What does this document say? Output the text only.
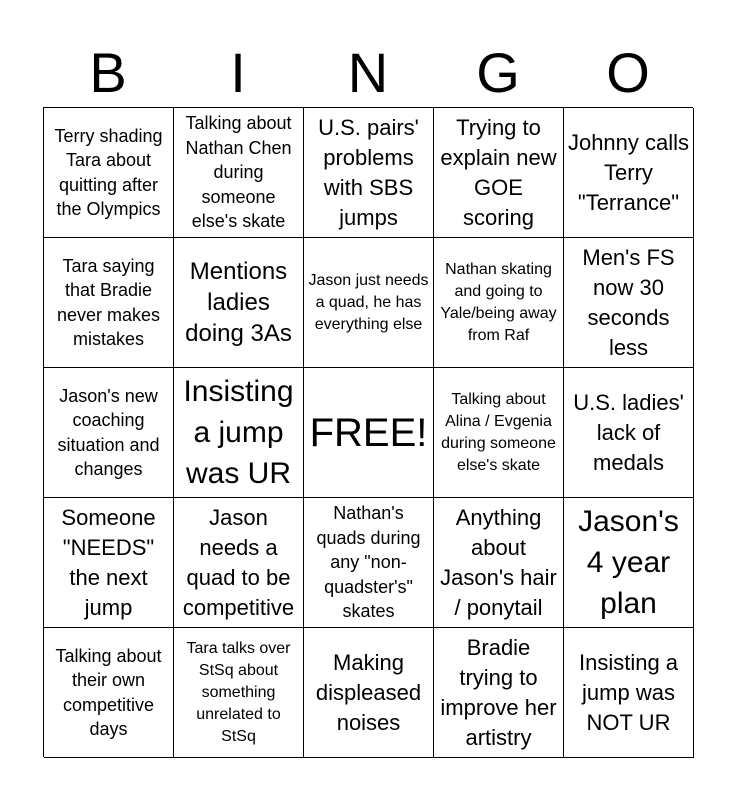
B	I	N	G	O
Terry shading Tara about quitting after the Olympics
Talking about Nathan Chen during someone else's skate
U.S. pairs' problems with SBS jumps
Trying to explain new GOE scoring
Johnny calls Terry "Terrance"
Tara saying that Bradie never makes mistakes
Mentions ladies doing 3As
Jason just needs a quad, he has everything else
Nathan skating and going to Yale/being away from Raf
Men's FS now 30 seconds less
Jason's new coaching situation and changes
Insisting a jump was UR
FREE!
Talking about Alina / Evgenia during someone else's skate
U.S. ladies' lack of medals
Someone "NEEDS" the next jump
Jason needs a quad to be competitive
Nathan's quads during any "non-quadster's" skates
Anything about Jason's hair / ponytail
Jason's 4 year plan
Talking about their own competitive days
Tara talks over StSq about something unrelated to StSq
Making displeased noises
Bradie trying to improve her artistry
Insisting a jump was NOT UR
